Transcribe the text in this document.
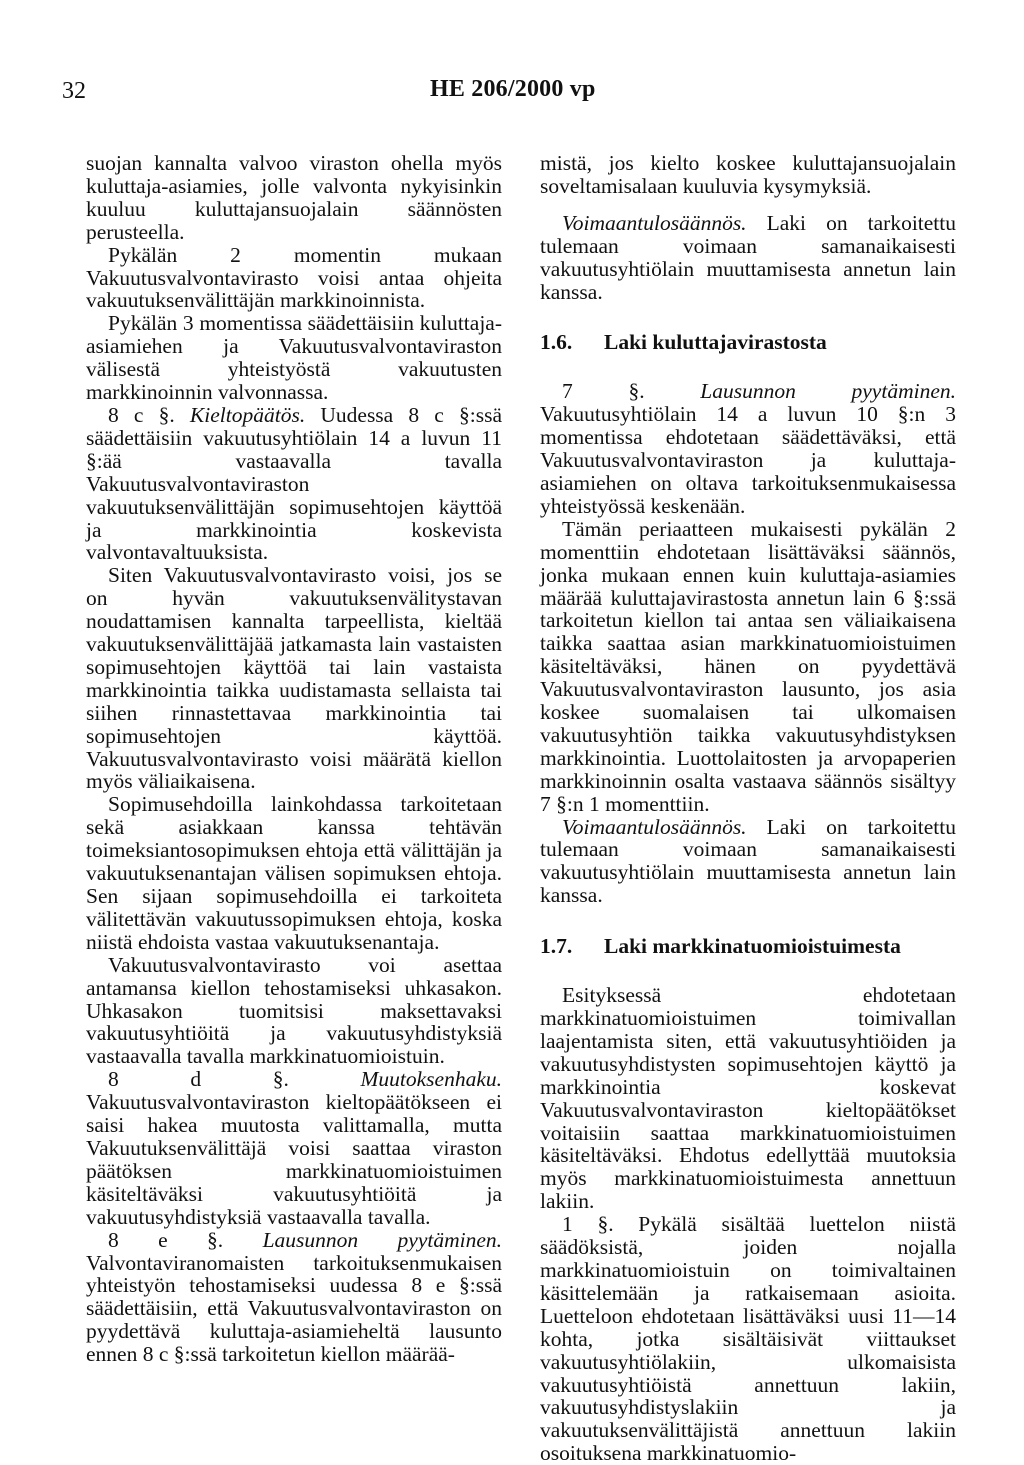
32	HE 206/2000 vp

suojan kannalta valvoo viraston ohella myös kuluttaja-asiamies, jolle valvonta nykyisinkin kuuluu kuluttajansuojalain säännösten perusteella.

Pykälän 2 momentin mukaan Vakuutusvalvontavirasto voisi antaa ohjeita vakuutuksenvälittäjän markkinoinnista.

Pykälän 3 momentissa säädettäisiin kuluttaja-asiamiehen ja Vakuutusvalvontaviraston välisestä yhteistyöstä vakuutusten markkinoinnin valvonnassa.

8 c §. Kieltopäätös. Uudessa 8 c §:ssä säädettäisiin vakuutusyhtiölain 14 a luvun 11 §:ää vastaavalla tavalla Vakuutusvalvontaviraston vakuutuksenvälittäjän sopimusehtojen käyttöä ja markkinointia koskevista valvontavaltuuksista.

Siten Vakuutusvalvontavirasto voisi, jos se on hyvän vakuutuksenvälitystavan noudattamisen kannalta tarpeellista, kieltää vakuutuksenvälittäjää jatkamasta lain vastaisten sopimusehtojen käyttöä tai lain vastaista markkinointia taikka uudistamasta sellaista tai siihen rinnastettavaa markkinointia tai sopimusehtojen käyttöä. Vakuutusvalvontavirasto voisi määrätä kiellon myös väliaikaisena.

Sopimusehdoilla lainkohdassa tarkoitetaan sekä asiakkaan kanssa tehtävän toimeksiantosopimuksen ehtoja että välittäjän ja vakuutuksenantajan välisen sopimuksen ehtoja. Sen sijaan sopimusehdoilla ei tarkoiteta välitettävän vakuutussopimuksen ehtoja, koska niistä ehdoista vastaa vakuutuksenantaja.

Vakuutusvalvontavirasto voi asettaa antamansa kiellon tehostamiseksi uhkasakon. Uhkasakon tuomitsisi maksettavaksi vakuutusyhtiöitä ja vakuutusyhdistyksiä vastaavalla tavalla markkinatuomioistuin.

8 d §.	Muutoksenhaku. Vakuutusvalvontaviraston kieltopäätökseen ei saisi hakea muutosta valittamalla, mutta Vakuutuksenvälittäjä voisi saattaa viraston päätöksen markkinatuomioistuimen käsiteltäväksi vakuutusyhtiöitä ja vakuutusyhdistyksiä vastaavalla tavalla.

8 e §. Lausunnon pyytäminen. Valvontaviranomaisten tarkoituksenmukaisen yhteistyön tehostamiseksi uudessa 8 e §:ssä säädettäisiin, että Vakuutusvalvontaviraston on pyydettävä kuluttaja-asiamieheltä lausunto ennen 8 c §:ssä tarkoitetun kiellon määrää-

mistä, jos kielto koskee kuluttajansuojalain soveltamisalaan kuuluvia kysymyksiä.

Voimaantulosäännös. Laki on tarkoitettu tulemaan voimaan samanaikaisesti vakuutusyhtiölain muuttamisesta annetun lain kanssa.

1.6.	Laki kuluttajavirastosta

7 §.	Lausunnon pyytäminen. Vakuutusyhtiölain 14 a luvun 10 §:n 3 momentissa ehdotetaan säädettäväksi, että Vakuutusvalvontaviraston ja kuluttaja-asiamiehen on oltava tarkoituksenmukaisessa yhteistyössä keskenään.

Tämän periaatteen mukaisesti pykälän 2 momenttiin ehdotetaan lisättäväksi säännös, jonka mukaan ennen kuin kuluttaja-asiamies määrää kuluttajavirastosta annetun lain 6 §:ssä tarkoitetun kiellon tai antaa sen väliaikaisena taikka saattaa asian markkinatuomioistuimen käsiteltäväksi, hänen on pyydettävä Vakuutusvalvontaviraston lausunto, jos asia koskee suomalaisen tai ulkomaisen vakuutusyhtiön taikka vakuutusyhdistyksen markkinointia. Luottolaitosten ja arvopaperien markkinoinnin osalta vastaava säännös sisältyy 7 §:n 1 momenttiin.

Voimaantulosäännös. Laki on tarkoitettu tulemaan voimaan samanaikaisesti vakuutusyhtiölain muuttamisesta annetun lain kanssa.

1.7.	Laki markkinatuomioistuimesta

Esityksessä ehdotetaan markkinatuomioistuimen toimivallan laajentamista siten, että vakuutusyhtiöiden ja vakuutusyhdistysten sopimusehtojen käyttö ja markkinointia koskevat Vakuutusvalvontaviraston kieltopäätökset voitaisiin saattaa markkinatuomioistuimen käsiteltäväksi. Ehdotus edellyttää muutoksia myös markkinatuomioistuimesta annettuun lakiin.

1 §. Pykälä sisältää luettelon niistä säädöksistä, joiden nojalla markkinatuomioistuin on toimivaltainen käsittelemään ja ratkaisemaan asioita. Luetteloon ehdotetaan lisättäväksi uusi 11—14 kohta, jotka sisältäisivät viittaukset vakuutusyhtiölakiin, ulkomaisista vakuutusyhtiöistä annettuun lakiin, vakuutusyhdistyslakiin ja vakuutuksenvälittäjistä annettuun lakiin osoituksena markkinatuomio-
